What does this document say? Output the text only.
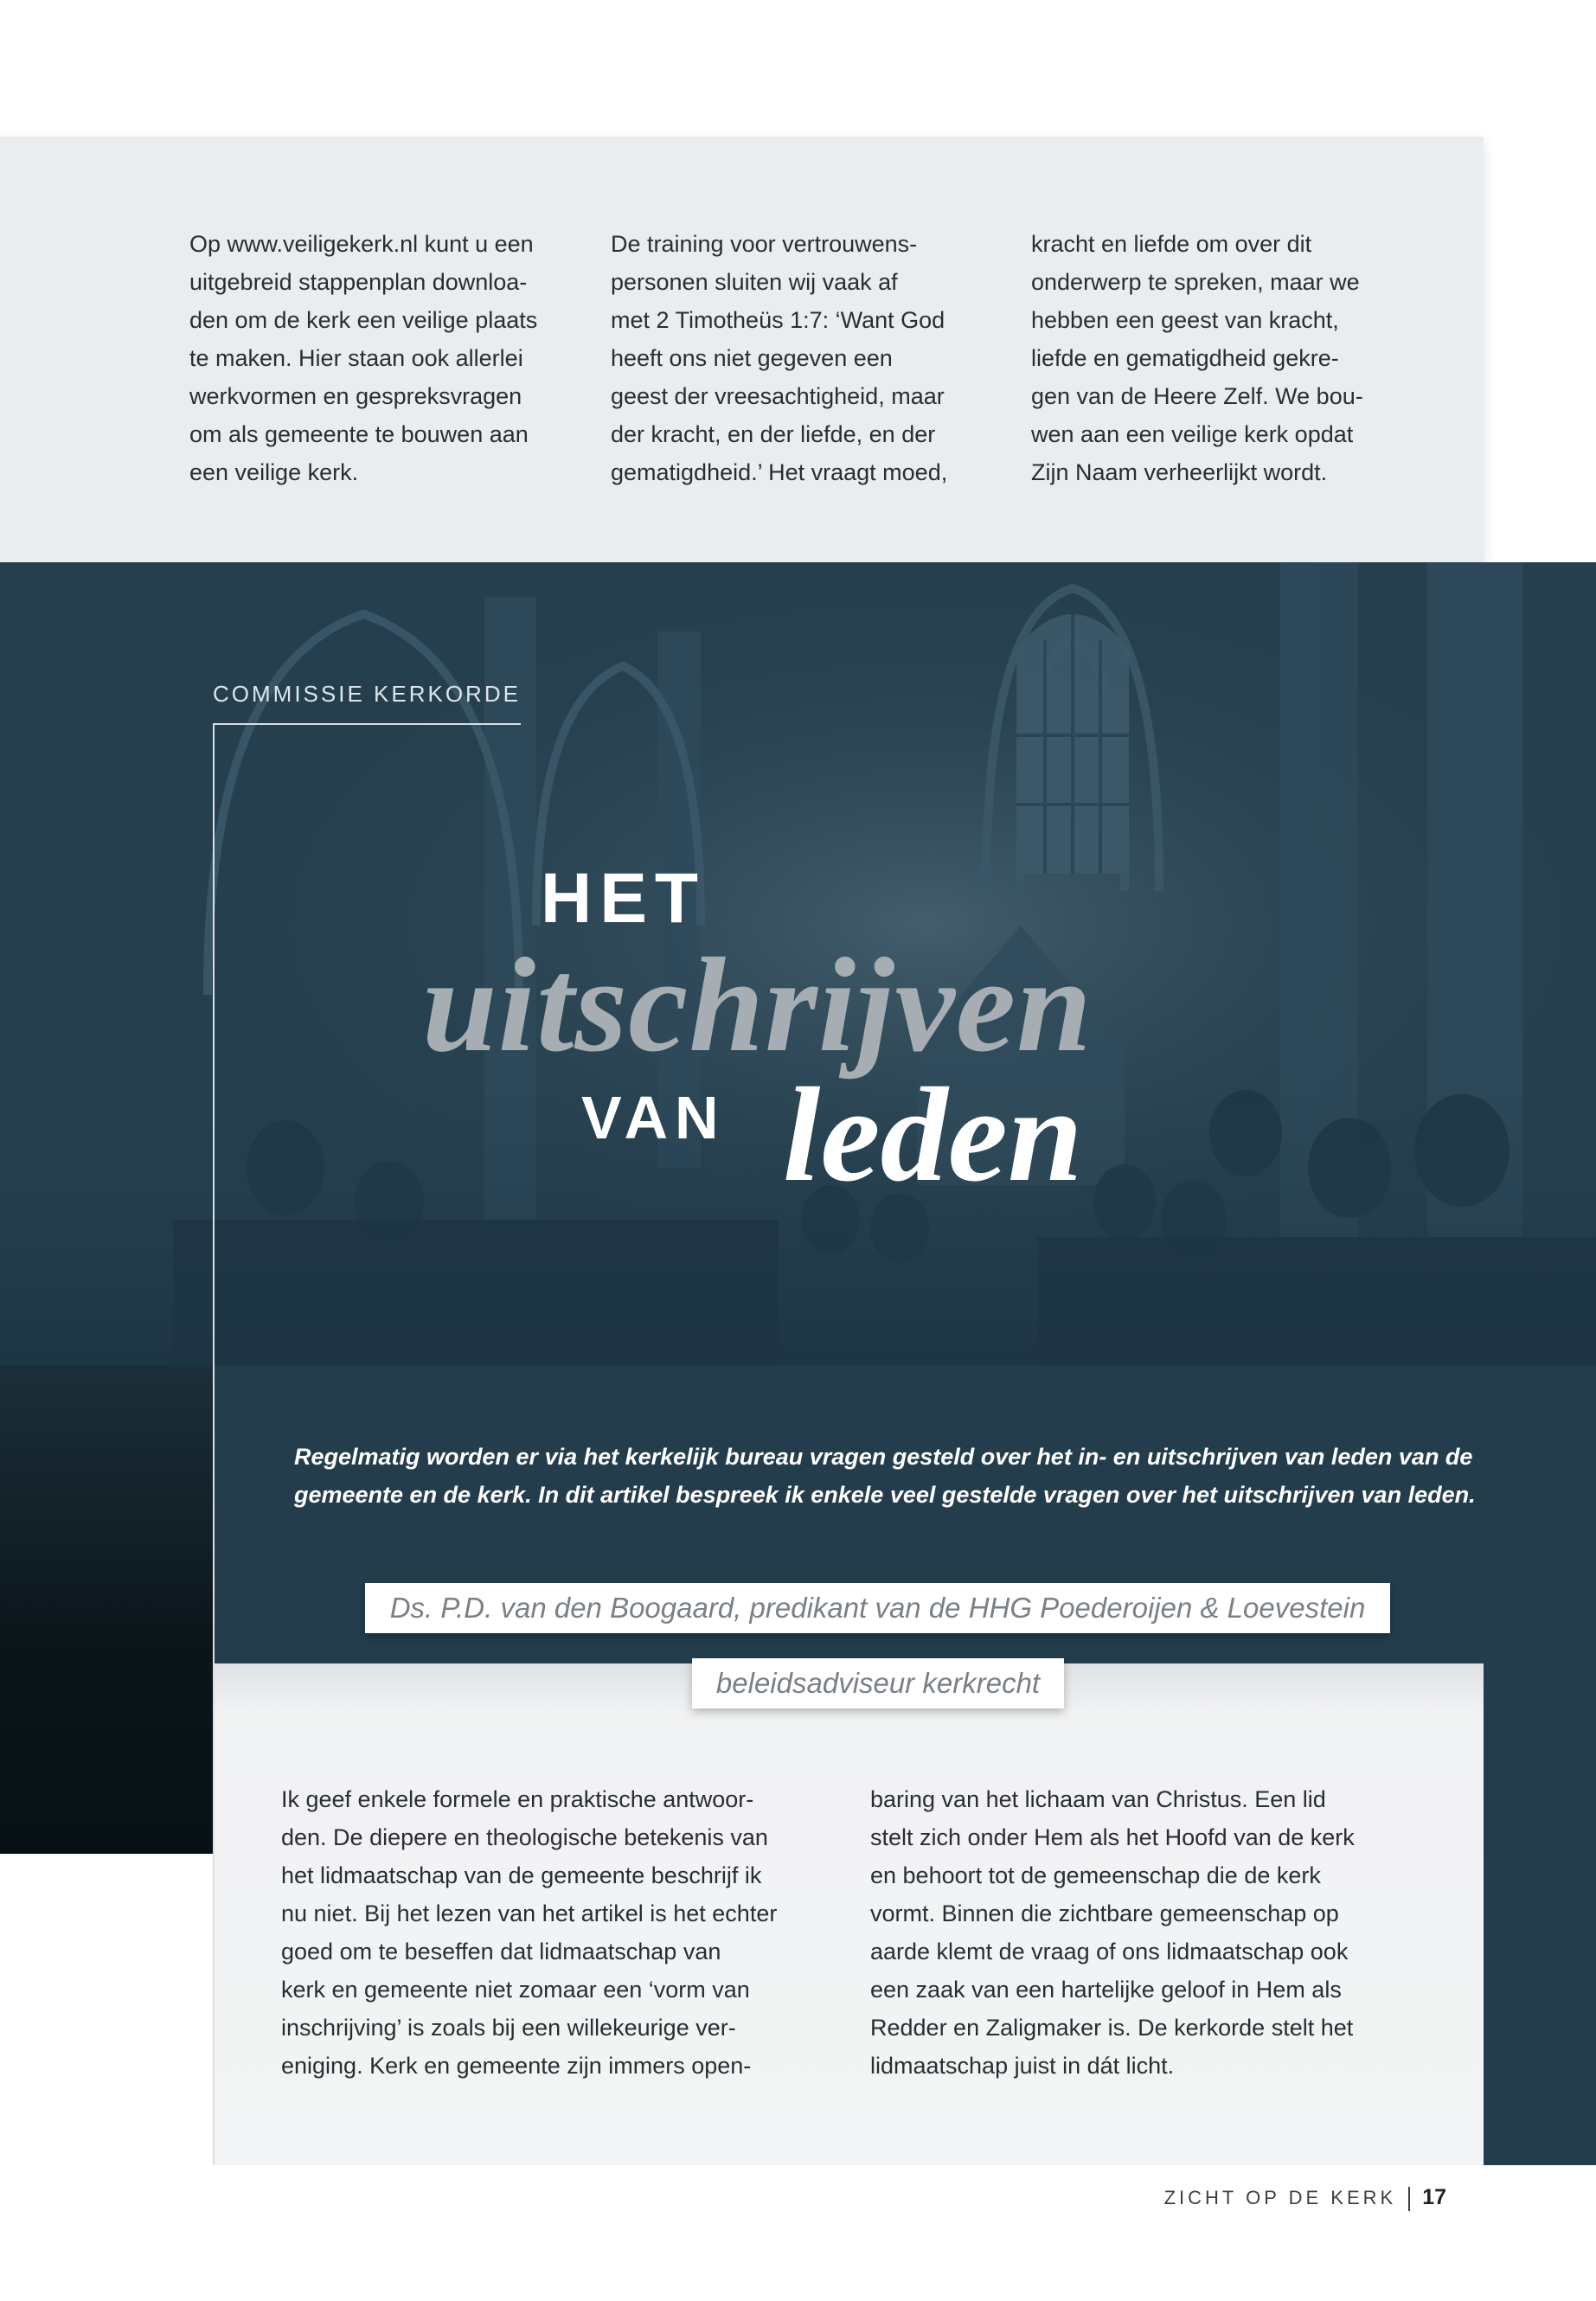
Op www.veiligekerk.nl kunt u een

uitgebreid stappenplan downloa-

den om de kerk een veilige plaats

te maken. Hier staan ook allerlei

werkvormen en gespreksvragen

om als gemeente te bouwen aan

een veilige kerk.

De training voor vertrouwens-

personen sluiten wij vaak af

met 2 Timotheüs 1:7: ‘Want God

heeft ons niet gegeven een

geest der vreesachtigheid, maar

der kracht, en der liefde, en der

gematigdheid.’ Het vraagt moed,

kracht en liefde om over dit

onderwerp te spreken, maar we

hebben een geest van kracht,

liefde en gematigdheid gekre-

gen van de Heere Zelf. We bou-

wen aan een veilige kerk opdat

Zijn Naam verheerlijkt wordt.

COMMISSIE KERKORDE
HET
uitschrijven
VAN leden

Regelmatig worden er via het kerkelijk bureau vragen gesteld over het in- en uitschrijven van leden van de

gemeente en de kerk. In dit artikel bespreek ik enkele veel gestelde vragen over het uitschrijven van leden.

Ds. P.D. van den Boogaard, predikant van de HHG Poederoijen & Loevestein
beleidsadviseur kerkrecht

Ik geef enkele formele en praktische antwoor-

den. De diepere en theologische betekenis van

het lidmaatschap van de gemeente beschrijf ik

nu niet. Bij het lezen van het artikel is het echter

goed om te beseffen dat lidmaatschap van

kerk en gemeente niet zomaar een ‘vorm van

inschrijving’ is zoals bij een willekeurige ver-

eniging. Kerk en gemeente zijn immers open-

baring van het lichaam van Christus. Een lid

stelt zich onder Hem als het Hoofd van de kerk

en behoort tot de gemeenschap die de kerk

vormt. Binnen die zichtbare gemeenschap op

aarde klemt de vraag of ons lidmaatschap ook

een zaak van een hartelijke geloof in Hem als

Redder en Zaligmaker is. De kerkorde stelt het

lidmaatschap juist in dát licht.

ZICHT OP DE KERK 17
